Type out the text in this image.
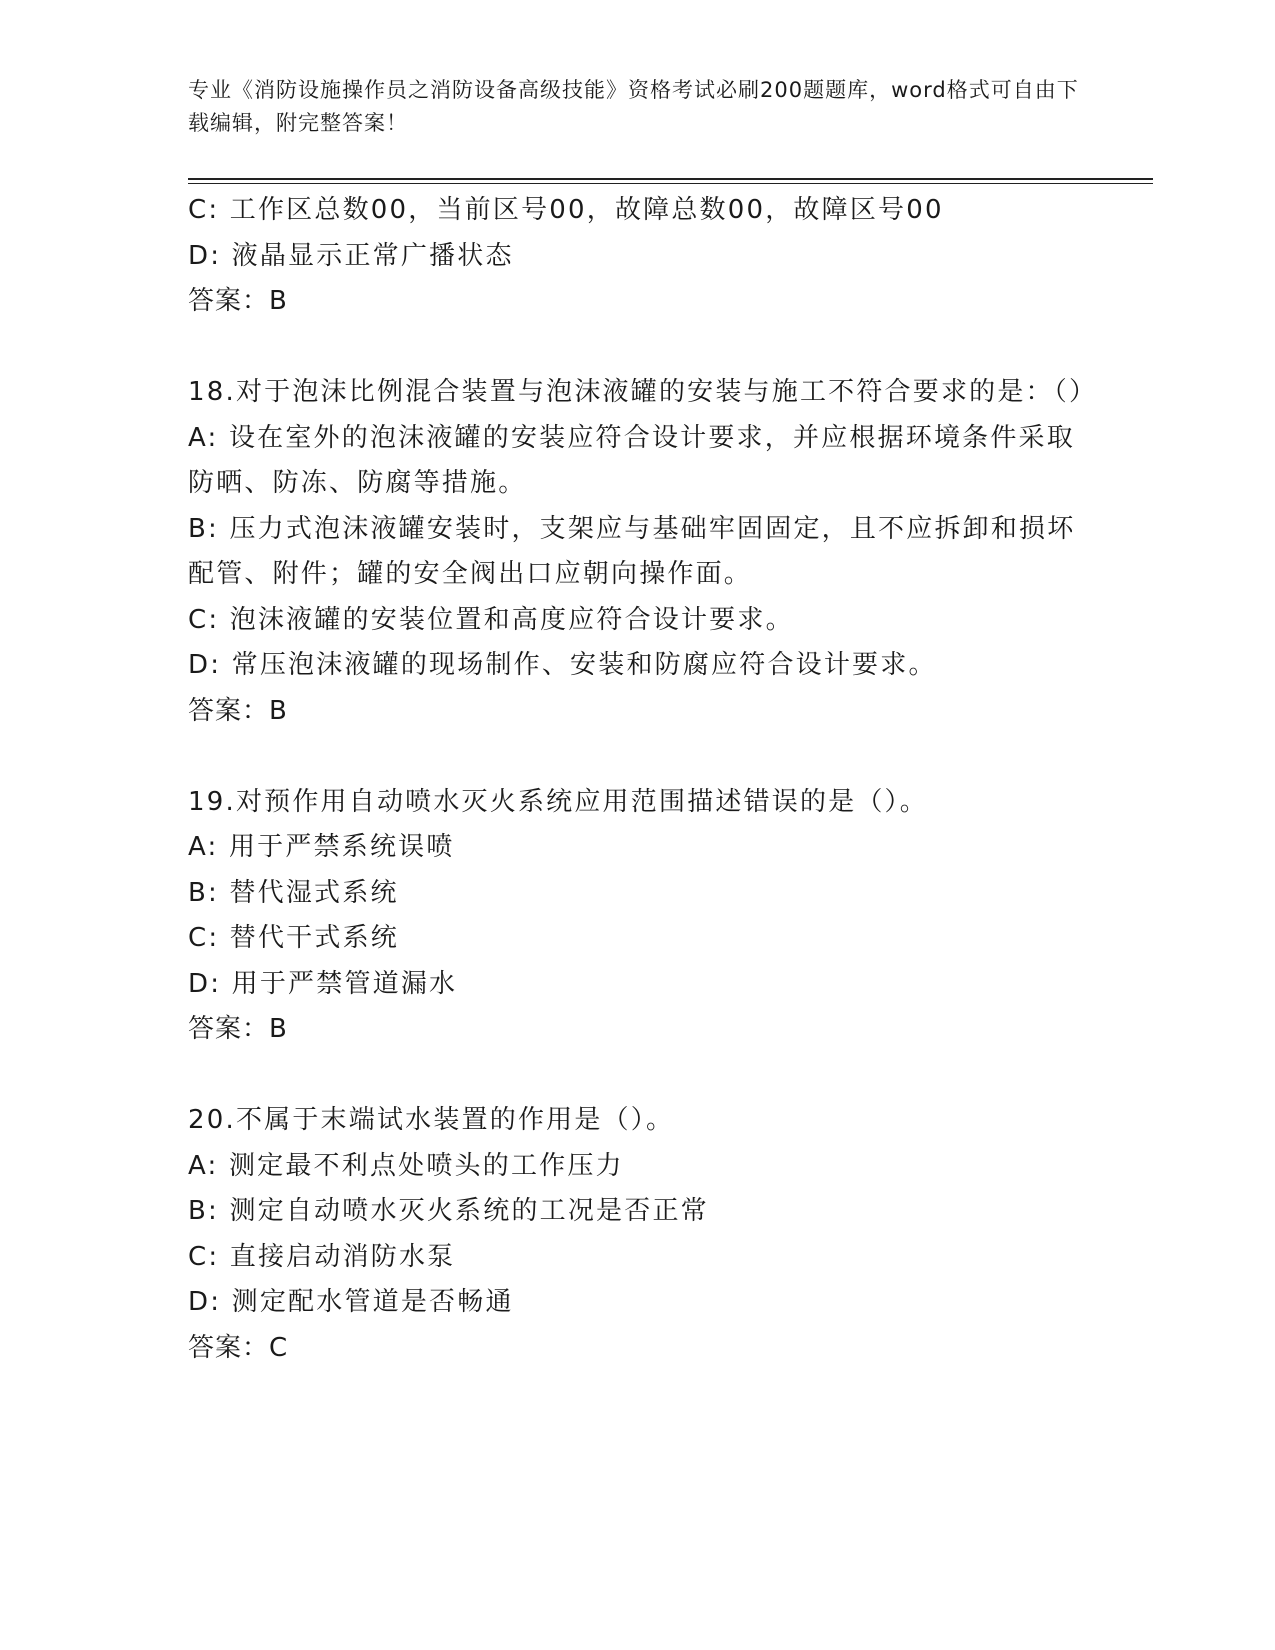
专业《消防设施操作员之消防设备高级技能》资格考试必刷200题题库，word格式可自由下载编辑，附完整答案！
C: 工作区总数00，当前区号00，故障总数00，故障区号00
D: 液晶显示正常广播状态
答案：B
18.对于泡沫比例混合装置与泡沫液罐的安装与施工不符合要求的是：（）
A: 设在室外的泡沫液罐的安装应符合设计要求，并应根据环境条件采取防晒、防冻、防腐等措施。
B: 压力式泡沫液罐安装时，支架应与基础牢固固定，且不应拆卸和损坏配管、附件；罐的安全阀出口应朝向操作面。
C: 泡沫液罐的安装位置和高度应符合设计要求。
D: 常压泡沫液罐的现场制作、安装和防腐应符合设计要求。
答案：B
19.对预作用自动喷水灭火系统应用范围描述错误的是（）。
A: 用于严禁系统误喷
B: 替代湿式系统
C: 替代干式系统
D: 用于严禁管道漏水
答案：B
20.不属于末端试水装置的作用是（）。
A: 测定最不利点处喷头的工作压力
B: 测定自动喷水灭火系统的工况是否正常
C: 直接启动消防水泵
D: 测定配水管道是否畅通
答案：C
